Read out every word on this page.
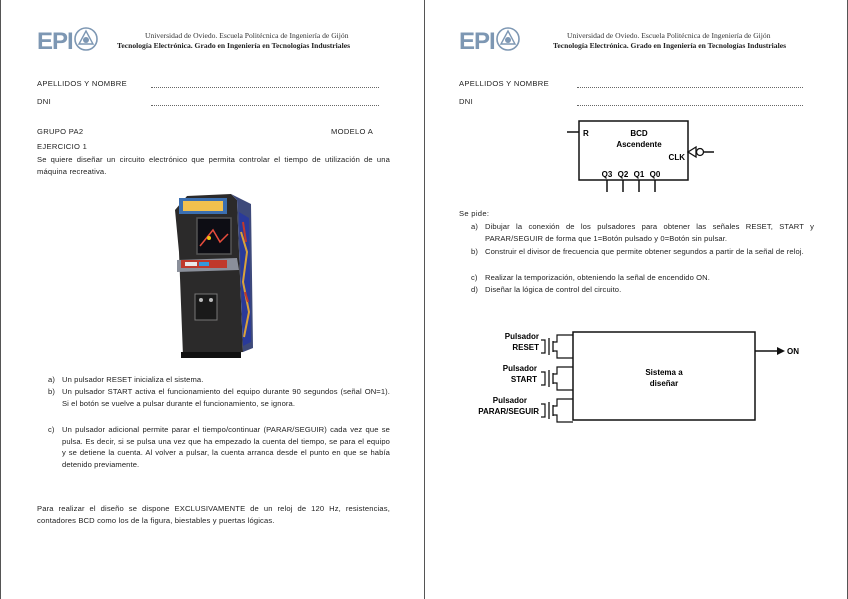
EPI	Universidad de Oviedo. Escuela Politécnica de Ingeniería de Gijón
Tecnología Electrónica. Grado en Ingeniería en Tecnologías Industriales
APELLIDOS Y NOMBRE
DNI
GRUPO PA2	MODELO A
EJERCICIO 1
Se quiere diseñar un circuito electrónico que permita controlar el tiempo de utilización de una máquina recreativa.
a) Un pulsador RESET inicializa el sistema.
b) Un pulsador START activa el funcionamiento del equipo durante 90 segundos (señal ON=1). Si el botón se vuelve a pulsar durante el funcionamiento, se ignora.
c) Un pulsador adicional permite parar el tiempo/continuar (PARAR/SEGUIR) cada vez que se pulsa. Es decir, si se pulsa una vez que ha empezado la cuenta del tiempo, se para el equipo y se detiene la cuenta. Al volver a pulsar, la cuenta arranca desde el punto en que se había detenido previamente.
Para realizar el diseño se dispone EXCLUSIVAMENTE de un reloj de 120 Hz, resistencias, contadores BCD como los de la figura, biestables y puertas lógicas.
EPI	Universidad de Oviedo. Escuela Politécnica de Ingeniería de Gijón
Tecnología Electrónica. Grado en Ingeniería en Tecnologías Industriales
APELLIDOS Y NOMBRE
DNI
R	BCD
Ascendente
CLK
Q3 Q2 Q1 Q0
Se pide:
a) Dibujar la conexión de los pulsadores para obtener las señales RESET, START y PARAR/SEGUIR de forma que 1=Botón pulsado y 0=Botón sin pulsar.
b) Construir el divisor de frecuencia que permite obtener segundos a partir de la señal de reloj.
c) Realizar la temporización, obteniendo la señal de encendido ON.
d) Diseñar la lógica de control del circuito.
ON
Sistema a
diseñar
Pulsador
RESET
Pulsador
START
Pulsador
PARAR/SEGUIR
